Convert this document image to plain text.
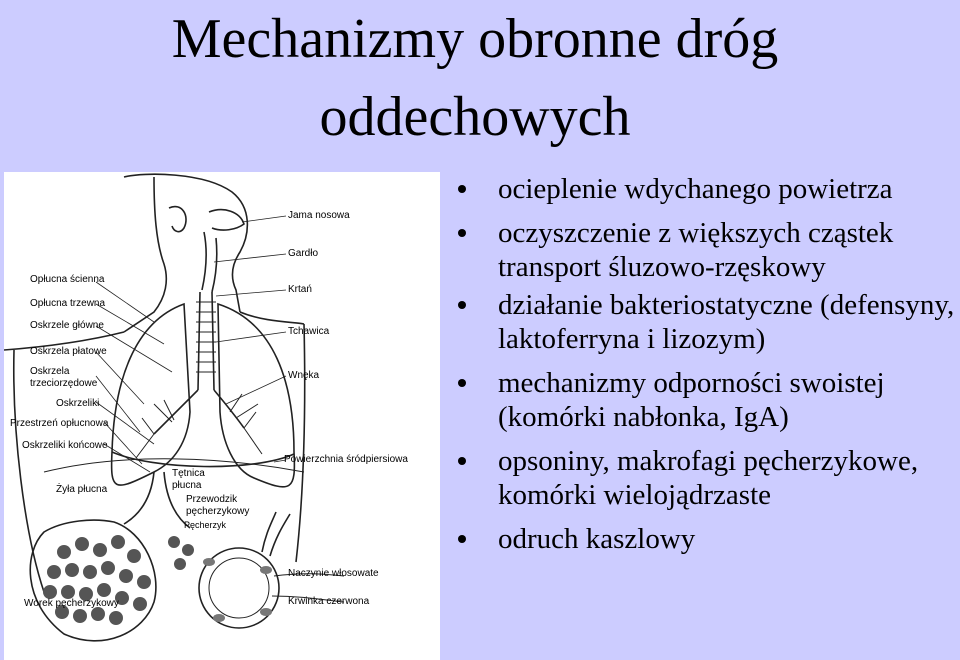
Mechanizmy obronne dróg
oddechowych
Jama nosowa
Gardło
Krtań
Tchawica
Wnęka
Powierzchnia śródpiersiowa
Naczynie włosowate
Krwinka czerwona
Opłucna ścienna
Opłucna trzewna
Oskrzele główne
Oskrzela płatowe
Oskrzela
trzeciorzędowe
Oskrzeliki
Przestrzeń opłucnowa
Oskrzeliki końcowe
Żyła płucna
Worek pęcherzykowy
Tętnica
płucna
Przewodzik
pęcherzykowy
Pęcherzyk
O₂ CO₂
ocieplenie wdychanego powietrza
oczyszczenie z większych cząstek
transport śluzowo-rzęskowy
działanie bakteriostatyczne (defensyny, laktoferryna i lizozym)
mechanizmy odporności swoistej (komórki nabłonka, IgA)
opsoniny, makrofagi pęcherzykowe, komórki wielojądrzaste
odruch kaszlowy
